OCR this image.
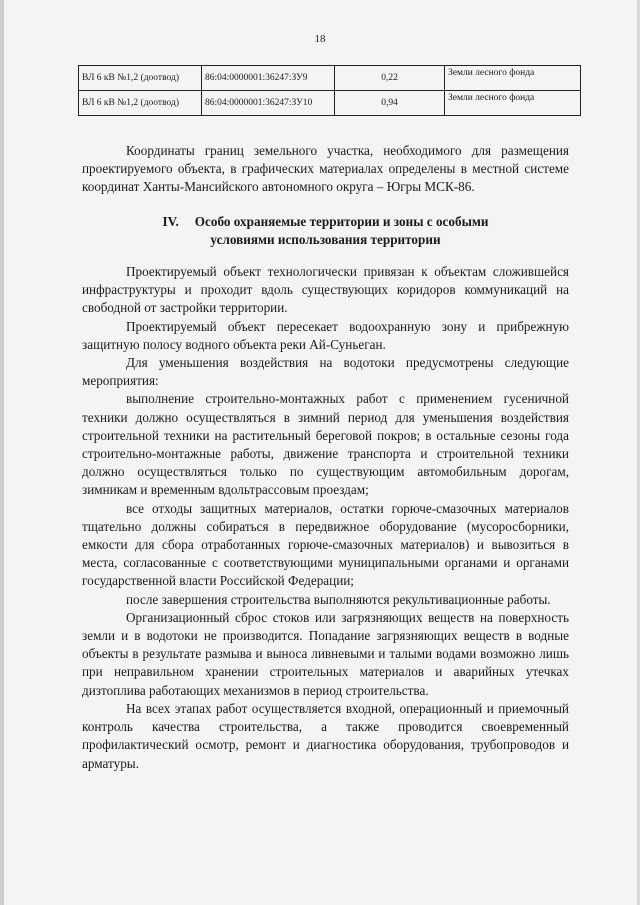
18
ВЛ 6 кВ №1,2 (доотвод)	86:04:0000001:36247:ЗУ9	0,22	Земли лесного фонда
ВЛ 6 кВ №1,2 (доотвод)	86:04:0000001:36247:ЗУ10	0,94	Земли лесного фонда

Координаты границ земельного участка, необходимого для размещения проектируемого объекта, в графических материалах определены в местной системе координат Ханты-Мансийского автономного округа – Югры МСК-86.

IV. Особо охраняемые территории и зоны с особыми
условиями использования территории

Проектируемый объект технологически привязан к объектам сложившейся инфраструктуры и проходит вдоль существующих коридоров коммуникаций на свободной от застройки территории.

Проектируемый объект пересекает водоохранную зону и прибрежную защитную полосу водного объекта реки Ай-Суньеган.

Для уменьшения воздействия на водотоки предусмотрены следующие мероприятия:

выполнение строительно-монтажных работ с применением гусеничной техники должно осуществляться в зимний период для уменьшения воздействия строительной техники на растительный береговой покров; в остальные сезоны года строительно-монтажные работы, движение транспорта и строительной техники должно осуществляться только по существующим автомобильным дорогам, зимникам и временным вдольтрассовым проездам;

все отходы защитных материалов, остатки горюче-смазочных материалов тщательно должны собираться в передвижное оборудование (мусоросборники, емкости для сбора отработанных горюче-смазочных материалов) и вывозиться в места, согласованные с соответствующими муниципальными органами и органами государственной власти Российской Федерации;

после завершения строительства выполняются рекультивационные работы.

Организационный сброс стоков или загрязняющих веществ на поверхность земли и в водотоки не производится. Попадание загрязняющих веществ в водные объекты в результате размыва и выноса ливневыми и талыми водами возможно лишь при неправильном хранении строительных материалов и аварийных утечках дизтоплива работающих механизмов в период строительства.

На всех этапах работ осуществляется входной, операционный и приемочный контроль качества строительства, а также проводится своевременный профилактический осмотр, ремонт и диагностика оборудования, трубопроводов и арматуры.
